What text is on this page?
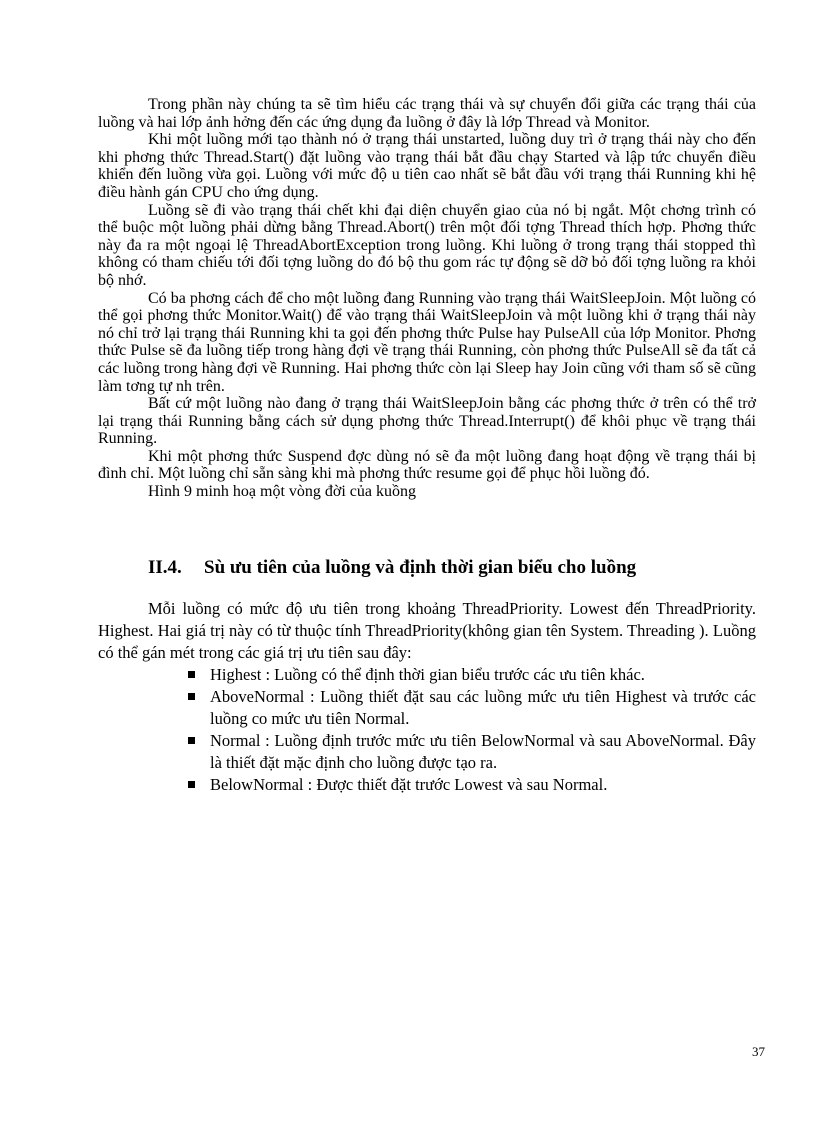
Trong phần này chúng ta sẽ tìm hiểu các trạng thái và sự chuyển đổi giữa các trạng thái của luồng và hai lớp ảnh hởng đến các ứng dụng đa luồng ở đây là lớp Thread và Monitor.

Khi một luồng mới tạo thành nó ở trạng thái unstarted, luồng duy trì ở trạng thái này cho đến khi phơng thức Thread.Start() đặt luồng vào trạng thái bắt đầu chạy Started và lập tức chuyển điều khiển đến luồng vừa gọi. Luồng với mức độ u tiên cao nhất sẽ bắt đầu với trạng thái Running khi hệ điều hành gán CPU cho ứng dụng.

Luồng sẽ đi vào trạng thái chết khi đại diện chuyển giao của nó bị ngắt. Một chơng trình có thể buộc một luồng phải dừng bằng Thread.Abort() trên một đối tợng Thread thích hợp. Phơng thức này đa ra một ngoại lệ ThreadAbortException trong luồng. Khi luồng ở trong trạng thái stopped thì không có tham chiếu tới đối tợng luồng do đó bộ thu gom rác tự động sẽ dỡ bỏ đối tợng luồng ra khỏi bộ nhớ.

Có ba phơng cách để cho một luồng đang Running vào trạng thái WaitSleepJoin. Một luồng có thể gọi phơng thức Monitor.Wait() để vào trạng thái WaitSleepJoin và một luồng khi ở trạng thái này nó chỉ trở lại trạng thái Running khi ta gọi đến phơng thức Pulse hay PulseAll của lớp Monitor. Phơng thức Pulse sẽ đa luồng tiếp trong hàng đợi về trạng thái Running, còn phơng thức PulseAll sẽ đa tất cả các luồng trong hàng đợi về Running. Hai phơng thức còn lại Sleep hay Join cũng với tham số sẽ cũng làm tơng tự nh trên.

Bất cứ một luồng nào đang ở trạng thái WaitSleepJoin bằng các phơng thức ở trên có thể trở lại trạng thái Running bằng cách sử dụng phơng thức Thread.Interrupt() để khôi phục về trạng thái Running.

Khi một phơng thức Suspend đợc dùng nó sẽ đa một luồng đang hoạt động về trạng thái bị đình chỉ. Một luồng chỉ sẵn sàng khi mà phơng thức resume gọi để phục hồi luồng đó.

Hình 9 minh hoạ một vòng đời của kuồng

II.4. Sù ưu tiên của luồng và định thời gian biểu cho luồng

Mỗi luồng có mức độ ưu tiên trong khoảng ThreadPriority. Lowest đến ThreadPriority. Highest. Hai giá trị này có từ thuộc tính ThreadPriority(không gian tên System. Threading ). Luồng có thể gán mét trong các giá trị ưu tiên sau đây:

Highest : Luồng có thể định thời gian biểu trước các ưu tiên khác.
AboveNormal : Luồng thiết đặt sau các luồng mức ưu tiên Highest và trước các luồng co mức ưu tiên Normal.
Normal : Luồng định trước mức ưu tiên BelowNormal và sau AboveNormal. Đây là thiết đặt mặc định cho luồng được tạo ra.
BelowNormal : Được thiết đặt trước Lowest và sau Normal.
37
